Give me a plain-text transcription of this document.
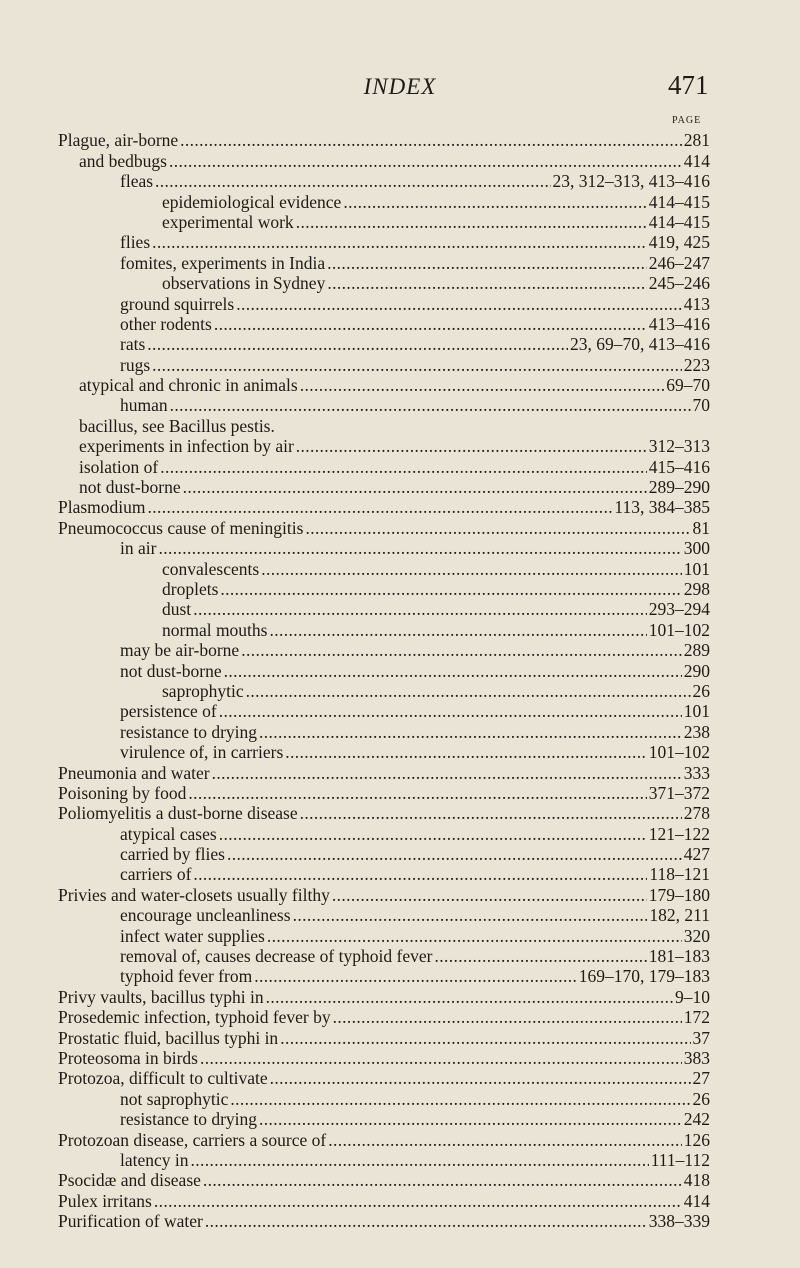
INDEX	471
PAGE
Plague, air-borne . . .	281
and bedbugs . . .	414
fleas . . .	23, 312–313, 413–416
epidemiological evidence . . .	414–415
experimental work . . .	414–415
flies . . .	419, 425
fomites, experiments in India . . .	246–247
observations in Sydney . . .	245–246
ground squirrels . . .	413
other rodents . . .	413–416
rats . . .	23, 69–70, 413–416
rugs . . .	223
atypical and chronic in animals . . .	69–70
human . . .	70
bacillus, see Bacillus pestis.
experiments in infection by air . . .	312–313
isolation of . . .	415–416
not dust-borne . . .	289–290
Plasmodium . . .	113, 384–385
Pneumococcus cause of meningitis . . .	81
in air . . .	300
convalescents . . .	101
droplets . . .	298
dust . . .	293–294
normal mouths . . .	101–102
may be air-borne . . .	289
not dust-borne . . .	290
saprophytic . . .	26
persistence of . . .	101
resistance to drying . . .	238
virulence of, in carriers . . .	101–102
Pneumonia and water . . .	333
Poisoning by food . . .	371–372
Poliomyelitis a dust-borne disease . . .	278
atypical cases . . .	121–122
carried by flies . . .	427
carriers of . . .	118–121
Privies and water-closets usually filthy . . .	179–180
encourage uncleanliness . . .	182, 211
infect water supplies . . .	320
removal of, causes decrease of typhoid fever . . .	181–183
typhoid fever from . . .	169–170, 179–183
Privy vaults, bacillus typhi in . . .	9–10
Prosedemic infection, typhoid fever by . . .	172
Prostatic fluid, bacillus typhi in . . .	37
Proteosoma in birds . . .	383
Protozoa, difficult to cultivate . . .	27
not saprophytic . . .	26
resistance to drying . . .	242
Protozoan disease, carriers a source of . . .	126
latency in . . .	111–112
Psocidæ and disease . . .	418
Pulex irritans . . .	414
Purification of water . . .	338–339
